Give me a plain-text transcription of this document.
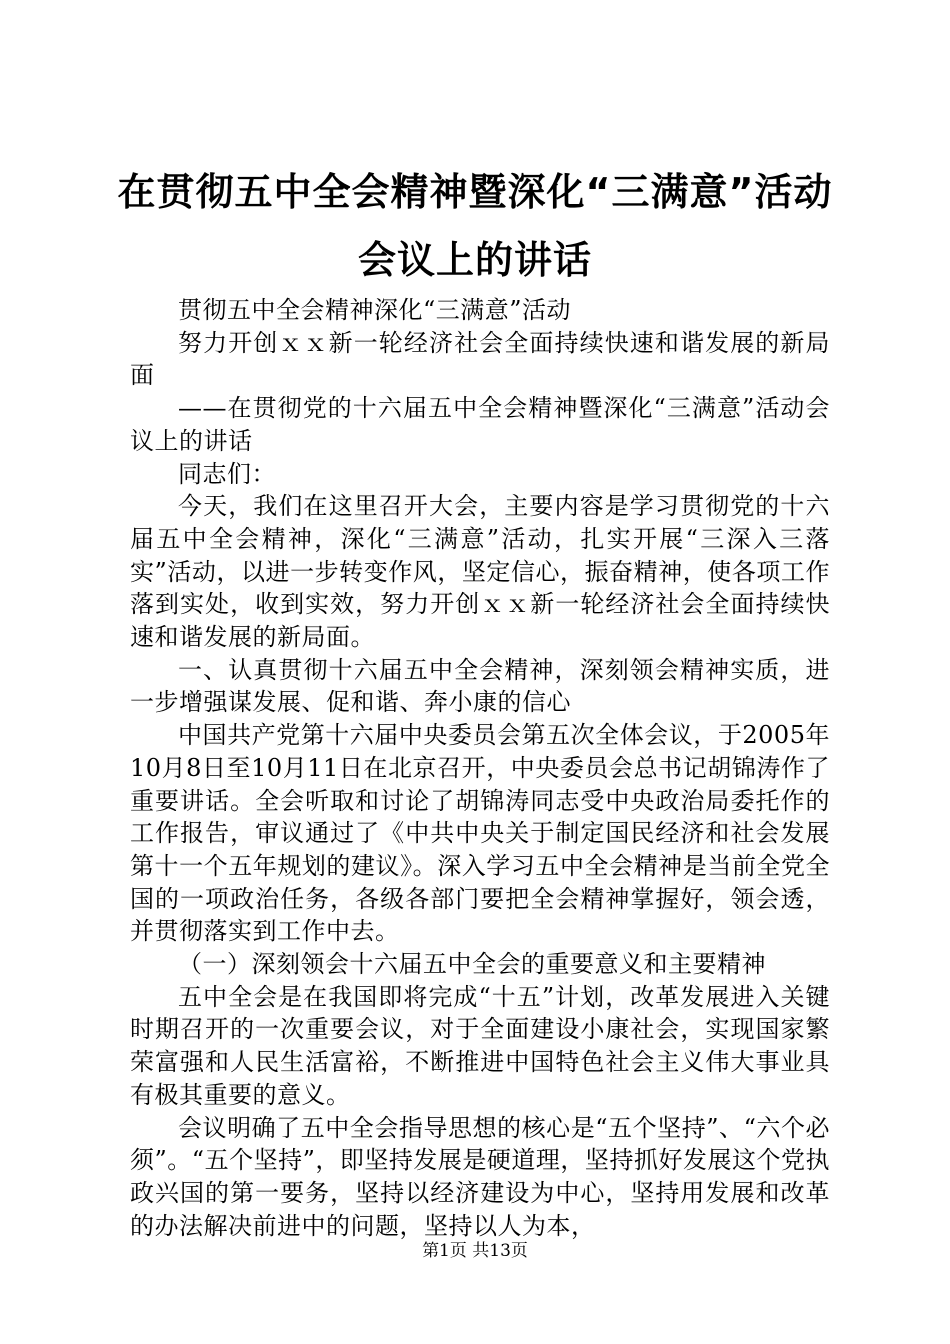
在贯彻五中全会精神暨深化“三满意”活动会议上的讲话

贯彻五中全会精神深化“三满意”活动

努力开创ｘｘ新一轮经济社会全面持续快速和谐发展的新局面

——在贯彻党的十六届五中全会精神暨深化“三满意”活动会议上的讲话

同志们：

今天，我们在这里召开大会，主要内容是学习贯彻党的十六届五中全会精神，深化“三满意”活动，扎实开展“三深入三落实”活动，以进一步转变作风，坚定信心，振奋精神，使各项工作落到实处，收到实效，努力开创ｘｘ新一轮经济社会全面持续快速和谐发展的新局面。

一、认真贯彻十六届五中全会精神，深刻领会精神实质，进一步增强谋发展、促和谐、奔小康的信心

中国共产党第十六届中央委员会第五次全体会议，于2005年10月8日至10月11日在北京召开，中央委员会总书记胡锦涛作了重要讲话。全会听取和讨论了胡锦涛同志受中央政治局委托作的工作报告，审议通过了《中共中央关于制定国民经济和社会发展第十一个五年规划的建议》。深入学习五中全会精神是当前全党全国的一项政治任务，各级各部门要把全会精神掌握好，领会透，并贯彻落实到工作中去。

（一）深刻领会十六届五中全会的重要意义和主要精神

五中全会是在我国即将完成“十五”计划，改革发展进入关键时期召开的一次重要会议，对于全面建设小康社会，实现国家繁荣富强和人民生活富裕，不断推进中国特色社会主义伟大事业具有极其重要的意义。

会议明确了五中全会指导思想的核心是“五个坚持”、“六个必须”。“五个坚持”，即坚持发展是硬道理，坚持抓好发展这个党执政兴国的第一要务，坚持以经济建设为中心，坚持用发展和改革的办法解决前进中的问题，坚持以人为本，

第1页 共13页
